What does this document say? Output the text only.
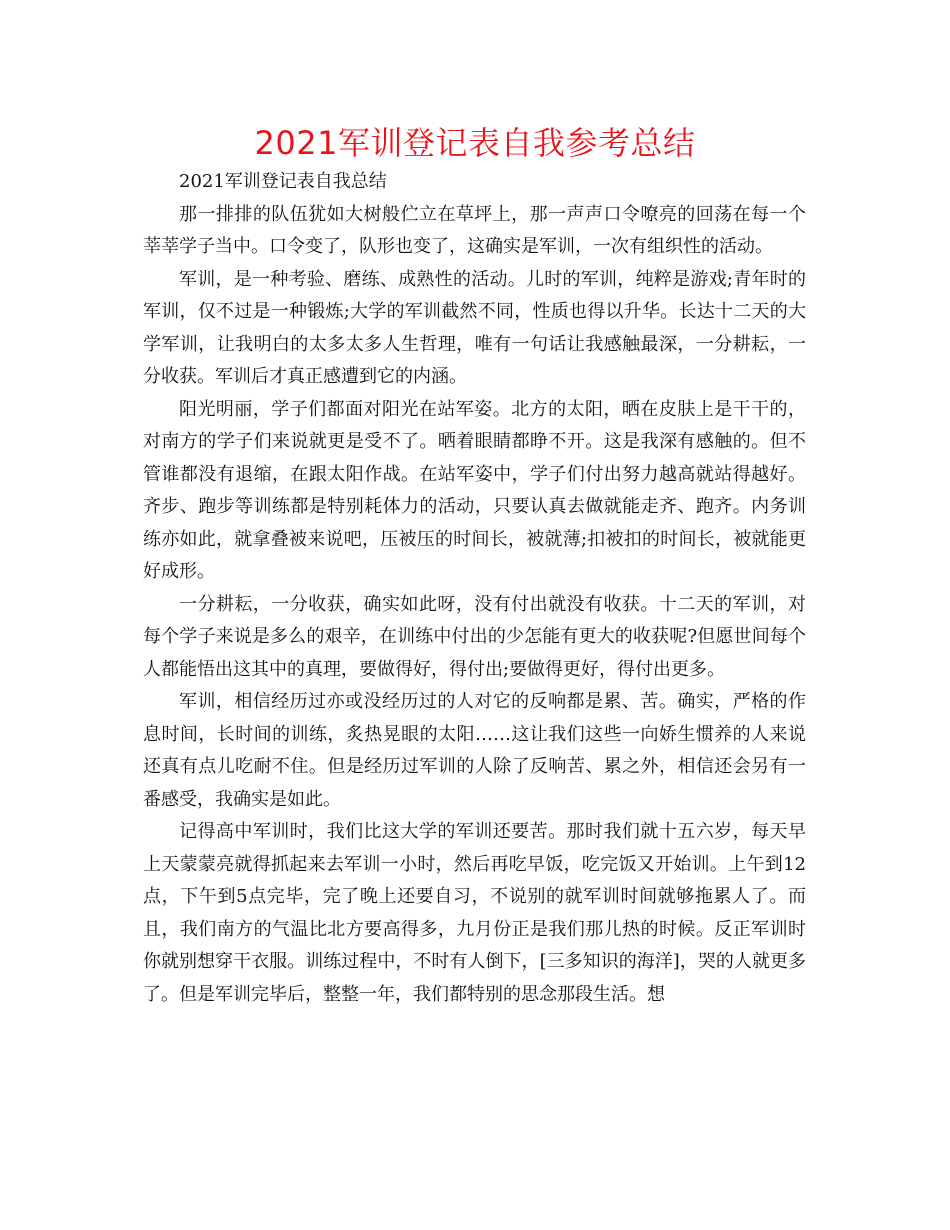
2021军训登记表自我参考总结

2021军训登记表自我总结

那一排排的队伍犹如大树般伫立在草坪上，那一声声口令嘹亮的回荡在每一个莘莘学子当中。口令变了，队形也变了，这确实是军训，一次有组织性的活动。

军训，是一种考验、磨练、成熟性的活动。儿时的军训，纯粹是游戏;青年时的军训，仅不过是一种锻炼;大学的军训截然不同，性质也得以升华。长达十二天的大学军训，让我明白的太多太多人生哲理，唯有一句话让我感触最深，一分耕耘，一分收获。军训后才真正感遭到它的内涵。

阳光明丽，学子们都面对阳光在站军姿。北方的太阳，晒在皮肤上是干干的，对南方的学子们来说就更是受不了。晒着眼睛都睁不开。这是我深有感触的。但不管谁都没有退缩，在跟太阳作战。在站军姿中，学子们付出努力越高就站得越好。齐步、跑步等训练都是特别耗体力的活动，只要认真去做就能走齐、跑齐。内务训练亦如此，就拿叠被来说吧，压被压的时间长，被就薄;扣被扣的时间长，被就能更好成形。

一分耕耘，一分收获，确实如此呀，没有付出就没有收获。十二天的军训，对每个学子来说是多么的艰辛，在训练中付出的少怎能有更大的收获呢?但愿世间每个人都能悟出这其中的真理，要做得好，得付出;要做得更好，得付出更多。

军训，相信经历过亦或没经历过的人对它的反响都是累、苦。确实，严格的作息时间，长时间的训练，炙热晃眼的太阳……这让我们这些一向娇生惯养的人来说还真有点儿吃耐不住。但是经历过军训的人除了反响苦、累之外，相信还会另有一番感受，我确实是如此。

记得高中军训时，我们比这大学的军训还要苦。那时我们就十五六岁，每天早上天蒙蒙亮就得抓起来去军训一小时，然后再吃早饭，吃完饭又开始训。上午到12点，下午到5点完毕，完了晚上还要自习，不说别的就军训时间就够拖累人了。而且，我们南方的气温比北方要高得多，九月份正是我们那儿热的时候。反正军训时你就别想穿干衣服。训练过程中，不时有人倒下，[三多知识的海洋]，哭的人就更多了。但是军训完毕后，整整一年，我们都特别的思念那段生活。想
